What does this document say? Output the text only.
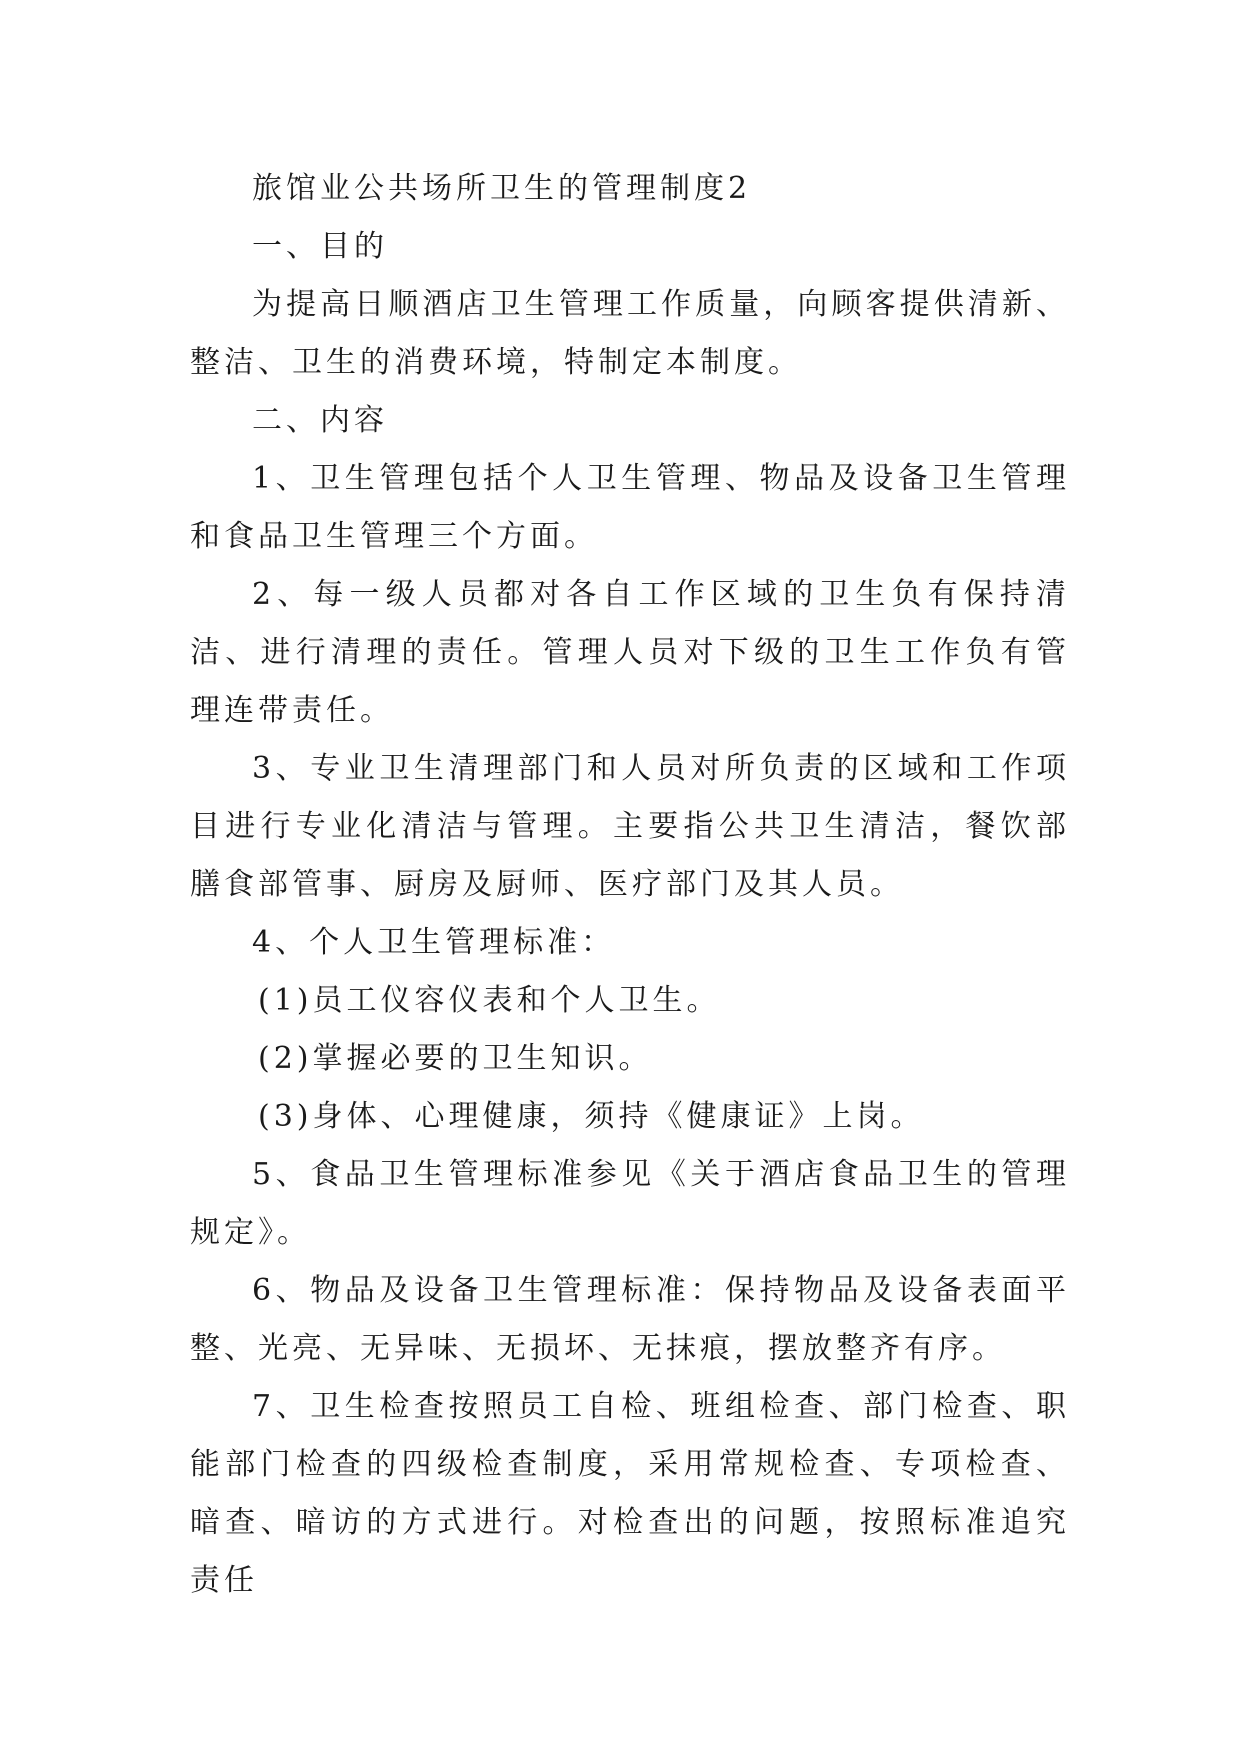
旅馆业公共场所卫生的管理制度2

一、目的

为提高日顺酒店卫生管理工作质量，向顾客提供清新、整洁、卫生的消费环境，特制定本制度。

二、内容

1、卫生管理包括个人卫生管理、物品及设备卫生管理和食品卫生管理三个方面。

2、每一级人员都对各自工作区域的卫生负有保持清洁、进行清理的责任。管理人员对下级的卫生工作负有管理连带责任。

3、专业卫生清理部门和人员对所负责的区域和工作项目进行专业化清洁与管理。主要指公共卫生清洁，餐饮部膳食部管事、厨房及厨师、医疗部门及其人员。

4、个人卫生管理标准：

(1)员工仪容仪表和个人卫生。

(2)掌握必要的卫生知识。

(3)身体、心理健康，须持《健康证》上岗。

5、食品卫生管理标准参见《关于酒店食品卫生的管理规定》。

6、物品及设备卫生管理标准：保持物品及设备表面平整、光亮、无异味、无损坏、无抹痕，摆放整齐有序。

7、卫生检查按照员工自检、班组检查、部门检查、职能部门检查的四级检查制度，采用常规检查、专项检查、暗查、暗访的方式进行。对检查出的问题，按照标准追究责任
